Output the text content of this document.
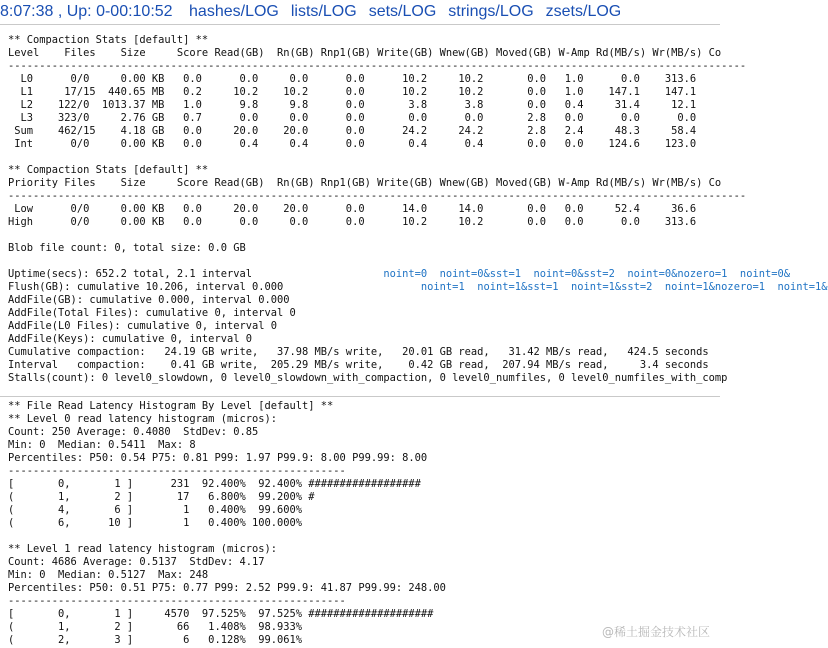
8:07:38 , Up: 0-00:10:52 hashes/LOG lists/LOG sets/LOG strings/LOG zsets/LOG
** Compaction Stats [default] **
Level    Files    Size     Score Read(GB)  Rn(GB) Rnp1(GB) Write(GB) Wnew(GB) Moved(GB) W-Amp Rd(MB/s) Wr(MB/s) Co
----------------------------------------------------------------------------------------------------------------------
L0      0/0     0.00 KB   0.0      0.0     0.0      0.0      10.2     10.2       0.0   1.0      0.0    313.6
L1     17/15  440.65 MB   0.2     10.2    10.2      0.0      10.2     10.2       0.0   1.0    147.1    147.1
L2    122/0  1013.37 MB   1.0      9.8     9.8      0.0       3.8      3.8       0.0   0.4     31.4     12.1
L3    323/0     2.76 GB   0.7      0.0     0.0      0.0       0.0      0.0       2.8   0.0      0.0      0.0
Sum    462/15    4.18 GB   0.0     20.0    20.0      0.0      24.2     24.2       2.8   2.4     48.3     58.4
Int      0/0     0.00 KB   0.0      0.4     0.4      0.0       0.4      0.4       0.0   0.0    124.6    123.0
** Compaction Stats [default] **
Priority Files    Size     Score Read(GB)  Rn(GB) Rnp1(GB) Write(GB) Wnew(GB) Moved(GB) W-Amp Rd(MB/s) Wr(MB/s) Co
----------------------------------------------------------------------------------------------------------------------
Low      0/0     0.00 KB   0.0     20.0    20.0      0.0      14.0     14.0       0.0   0.0     52.4     36.6
High      0/0     0.00 KB   0.0      0.0     0.0      0.0      10.2     10.2       0.0   0.0      0.0    313.6
Blob file count: 0, total size: 0.0 GB
Uptime(secs): 652.2 total, 2.1 interval	noint=0  noint=0&sst=1  noint=0&sst=2  noint=0&nozero=1  noint=0&
Flush(GB): cumulative 10.206, interval 0.000	noint=1  noint=1&sst=1  noint=1&sst=2  noint=1&nozero=1  noint=1&
AddFile(GB): cumulative 0.000, interval 0.000
AddFile(Total Files): cumulative 0, interval 0
AddFile(L0 Files): cumulative 0, interval 0
AddFile(Keys): cumulative 0, interval 0
Cumulative compaction:   24.19 GB write,   37.98 MB/s write,   20.01 GB read,   31.42 MB/s read,   424.5 seconds
Interval   compaction:    0.41 GB write,  205.29 MB/s write,    0.42 GB read,  207.94 MB/s read,     3.4 seconds
Stalls(count): 0 level0_slowdown, 0 level0_slowdown_with_compaction, 0 level0_numfiles, 0 level0_numfiles_with_comp
** File Read Latency Histogram By Level [default] **
** Level 0 read latency histogram (micros):
Count: 250 Average: 0.4080  StdDev: 0.85
Min: 0  Median: 0.5411  Max: 8
Percentiles: P50: 0.54 P75: 0.81 P99: 1.97 P99.9: 8.00 P99.99: 8.00
------------------------------------------------------
[       0,       1 ]      231  92.400%  92.400% ##################
(       1,       2 ]       17   6.800%  99.200% #
(       4,       6 ]        1   0.400%  99.600%
(       6,      10 ]        1   0.400% 100.000%
** Level 1 read latency histogram (micros):
Count: 4686 Average: 0.5137  StdDev: 4.17
Min: 0  Median: 0.5127  Max: 248
Percentiles: P50: 0.51 P75: 0.77 P99: 2.52 P99.9: 41.87 P99.99: 248.00
------------------------------------------------------
[       0,       1 ]     4570  97.525%  97.525% ####################
(       1,       2 ]       66   1.408%  98.933%
(       2,       3 ]        6   0.128%  99.061%
@稀土掘金技术社区
